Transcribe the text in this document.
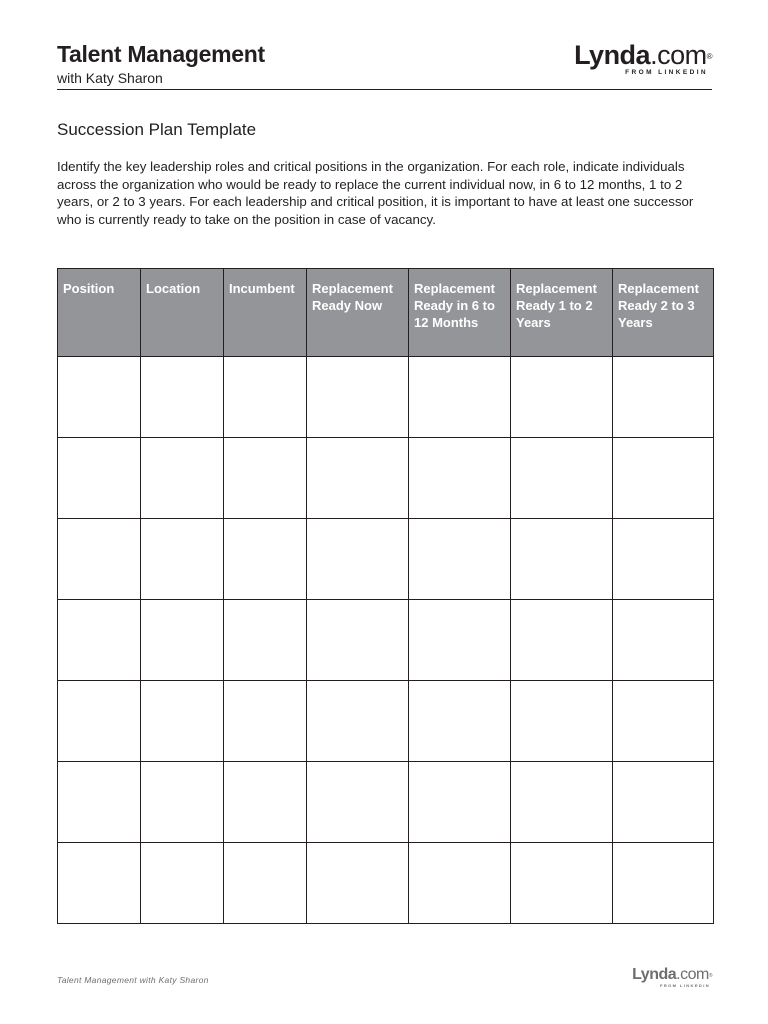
Talent Management
with Katy Sharon
Lynda.com®
FROM LINKEDIN
Succession Plan Template

Identify the key leadership roles and critical positions in the organization. For each role, indicate individuals across the organization who would be ready to replace the current individual now, in 6 to 12 months, 1 to 2 years, or 2 to 3 years. For each leadership and critical position, it is important to have at least one successor who is currently ready to take on the position in case of vacancy.

Position	Location	Incumbent	Replacement Ready Now	Replacement Ready in 6 to 12 Months	Replacement Ready 1 to 2 Years	Replacement Ready 2 to 3 Years

Talent Management with Katy Sharon	Lynda.com®
FROM LINKEDIN
